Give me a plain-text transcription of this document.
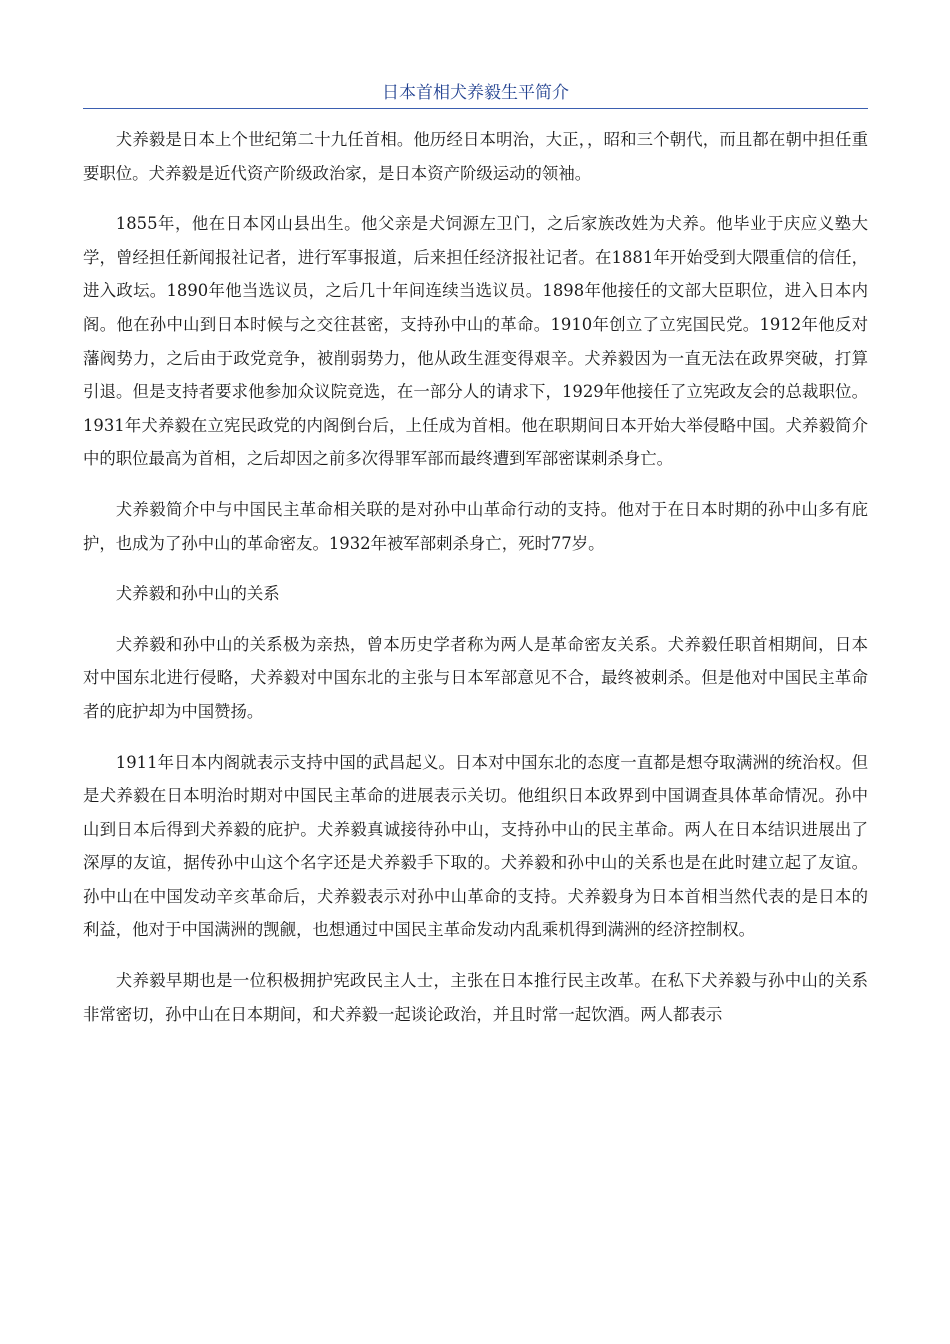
日本首相犬养毅生平简介

犬养毅是日本上个世纪第二十九任首相。他历经日本明治，大正，，昭和三个朝代，而且都在朝中担任重要职位。犬养毅是近代资产阶级政治家，是日本资产阶级运动的领袖。

1855年，他在日本冈山县出生。他父亲是犬饲源左卫门，之后家族改姓为犬养。他毕业于庆应义塾大学，曾经担任新闻报社记者，进行军事报道，后来担任经济报社记者。在1881年开始受到大隈重信的信任，进入政坛。1890年他当选议员，之后几十年间连续当选议员。1898年他接任的文部大臣职位，进入日本内阁。他在孙中山到日本时候与之交往甚密，支持孙中山的革命。1910年创立了立宪国民党。1912年他反对藩阀势力，之后由于政党竞争，被削弱势力，他从政生涯变得艰辛。犬养毅因为一直无法在政界突破，打算引退。但是支持者要求他参加众议院竞选，在一部分人的请求下，1929年他接任了立宪政友会的总裁职位。1931年犬养毅在立宪民政党的内阁倒台后，上任成为首相。他在职期间日本开始大举侵略中国。犬养毅简介中的职位最高为首相，之后却因之前多次得罪军部而最终遭到军部密谋刺杀身亡。

犬养毅简介中与中国民主革命相关联的是对孙中山革命行动的支持。他对于在日本时期的孙中山多有庇护，也成为了孙中山的革命密友。1932年被军部刺杀身亡，死时77岁。

犬养毅和孙中山的关系

犬养毅和孙中山的关系极为亲热，曾本历史学者称为两人是革命密友关系。犬养毅任职首相期间，日本对中国东北进行侵略，犬养毅对中国东北的主张与日本军部意见不合，最终被刺杀。但是他对中国民主革命者的庇护却为中国赞扬。

1911年日本内阁就表示支持中国的武昌起义。日本对中国东北的态度一直都是想夺取满洲的统治权。但是犬养毅在日本明治时期对中国民主革命的进展表示关切。他组织日本政界到中国调查具体革命情况。孙中山到日本后得到犬养毅的庇护。犬养毅真诚接待孙中山，支持孙中山的民主革命。两人在日本结识进展出了深厚的友谊，据传孙中山这个名字还是犬养毅手下取的。犬养毅和孙中山的关系也是在此时建立起了友谊。孙中山在中国发动辛亥革命后，犬养毅表示对孙中山革命的支持。犬养毅身为日本首相当然代表的是日本的利益，他对于中国满洲的觊觎，也想通过中国民主革命发动内乱乘机得到满洲的经济控制权。

犬养毅早期也是一位积极拥护宪政民主人士，主张在日本推行民主改革。在私下犬养毅与孙中山的关系非常密切，孙中山在日本期间，和犬养毅一起谈论政治，并且时常一起饮酒。两人都表示
